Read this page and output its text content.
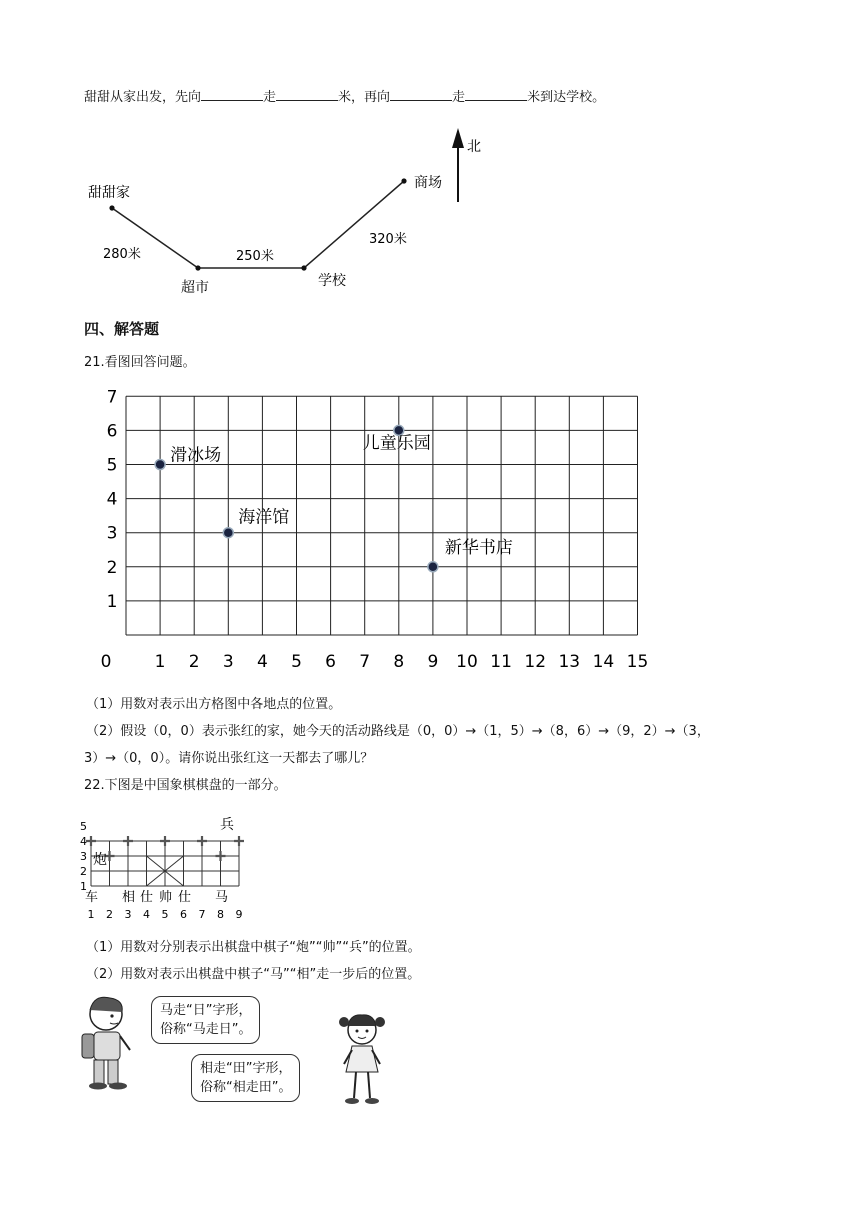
甜甜从家出发，先向	走	米，再向	走	米到达学校。
甜甜家
超市	学校
商场
280米	250米
320米
北
四、解答题
21.看图回答问题。
0	1 2 3 4 5 6 7 8 9 10 11 12 13 14 15
1
2
3
4
5
6
7
滑冰场
儿童乐园
海洋馆
新华书店
（1）用数对表示出方格图中各地点的位置。
（2）假设（0，0）表示张红的家，她今天的活动路线是（0，0）→（1，5）→（8，6）→（9，2）→（3，
3）→（0，0）。请你说出张红这一天都去了哪儿？
22.下图是中国象棋棋盘的一部分。
1
2
3
4
5
1 2 3 4 5 6 7 8 9
炮
兵
车 相 仕 帅 仕 马
（1）用数对分别表示出棋盘中棋子“炮”“帅”“兵”的位置。
（2）用数对表示出棋盘中棋子“马”“相”走一步后的位置。
马走“日”字形，
俗称“马走日”。
相走“田”字形，
俗称“相走田”。
